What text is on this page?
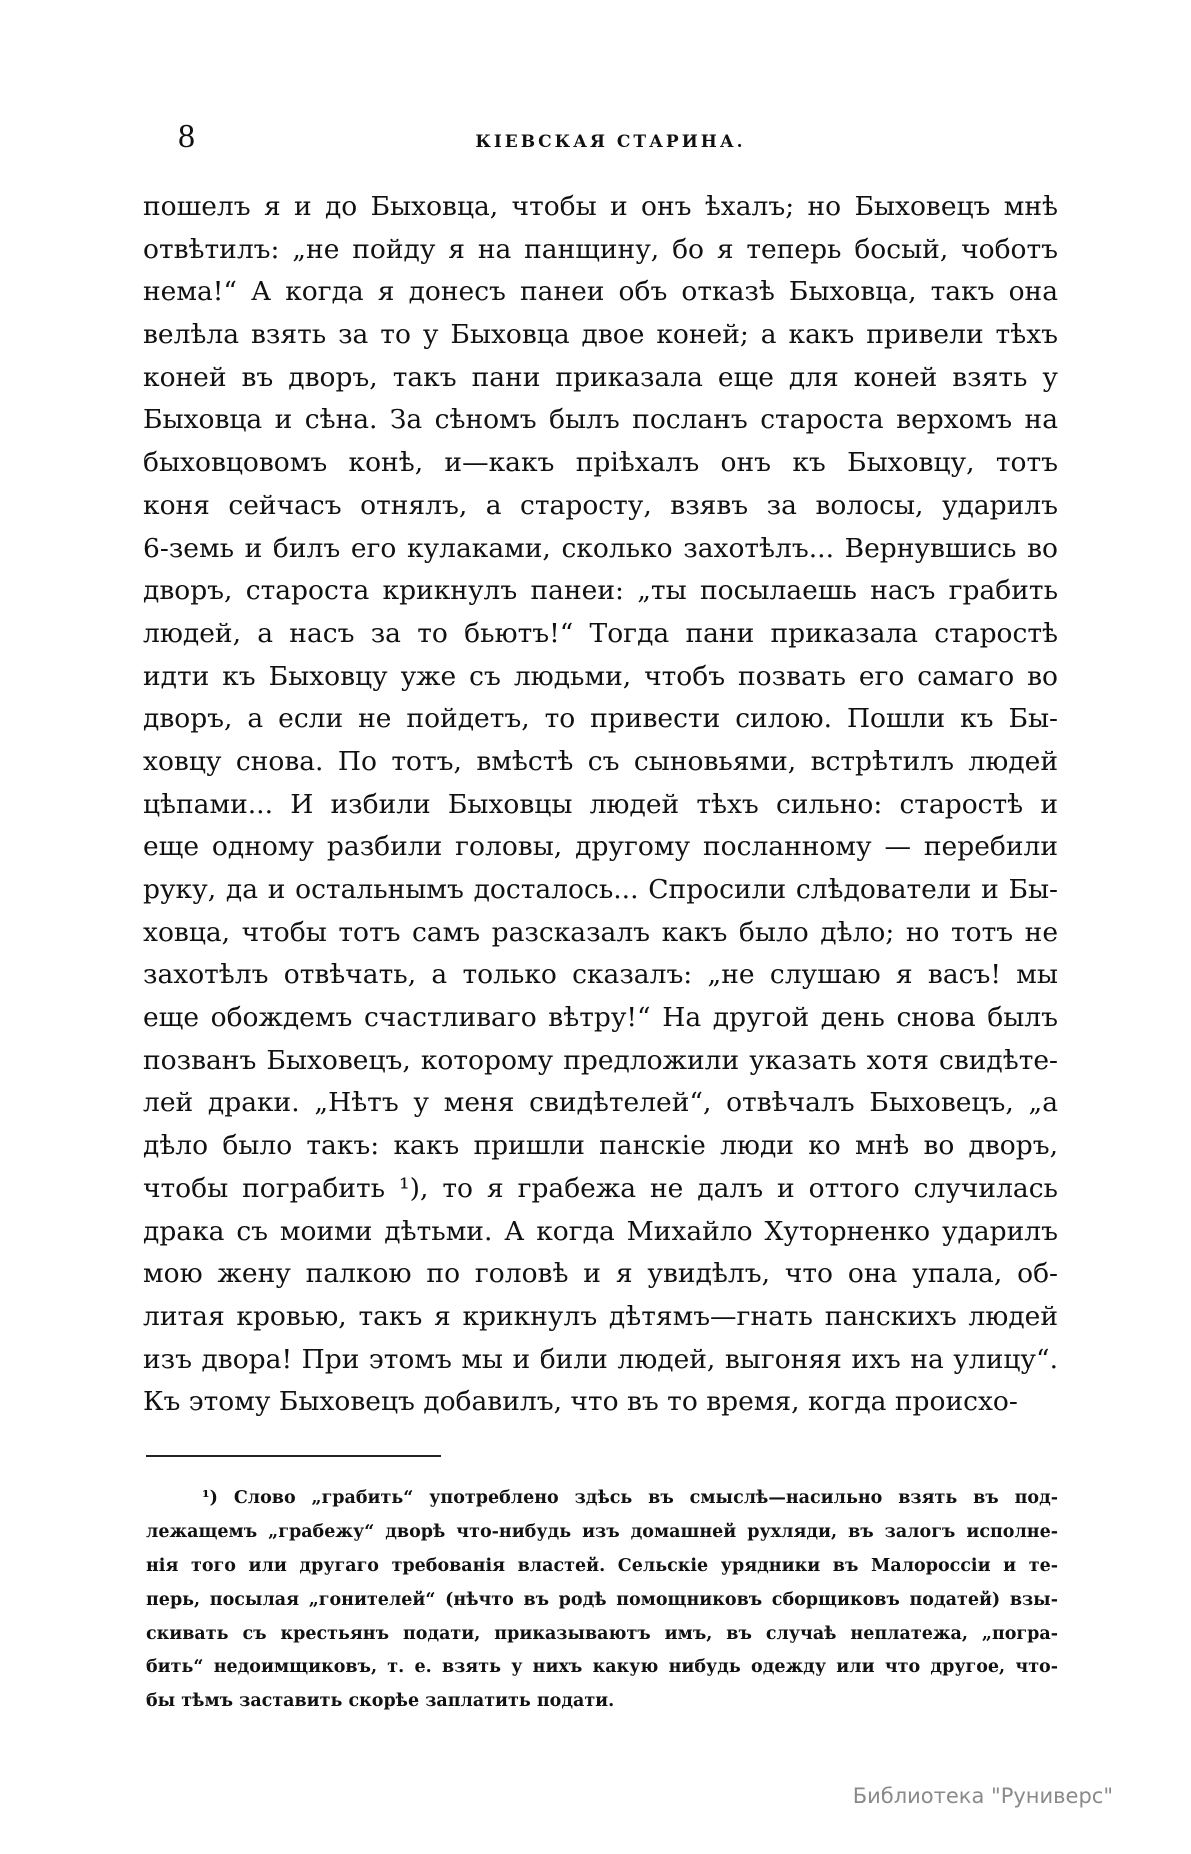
8	КІЕВСКАЯ СТАРИНА.
пошелъ я и до Быховца, чтобы и онъ ѣхалъ; но Быховецъ мнѣ
отвѣтилъ: „не пойду я на панщину, бо я теперь босый, чоботъ
нема!“ А когда я донесъ панеи объ отказѣ Быховца, такъ она
велѣла взять за то у Быховца двое коней; а какъ привели тѣхъ
коней въ дворъ, такъ пани приказала еще для коней взять у
Быховца и сѣна. За сѣномъ былъ посланъ староста верхомъ на
быховцовомъ конѣ, и—какъ пріѣхалъ онъ къ Быховцу, тотъ
коня сейчасъ отнялъ, а старосту, взявъ за волосы, ударилъ
6-земь и билъ его кулаками, сколько захотѣлъ... Вернувшись во
дворъ, староста крикнулъ панеи: „ты посылаешь насъ грабить
людей, а насъ за то бьютъ!“ Тогда пани приказала старостѣ
идти къ Быховцу уже съ людьми, чтобъ позвать его самаго во
дворъ, а если не пойдетъ, то привести силою. Пошли къ Бы-
ховцу снова. По тотъ, вмѣстѣ съ сыновьями, встрѣтилъ людей
цѣпами... И избили Быховцы людей тѣхъ сильно: старостѣ и
еще одному разбили головы, другому посланному — перебили
руку, да и остальнымъ досталось... Спросили слѣдователи и Бы-
ховца, чтобы тотъ самъ разсказалъ какъ было дѣло; но тотъ не
захотѣлъ отвѣчать, а только сказалъ: „не слушаю я васъ! мы
еще обождемъ счастливаго вѣтру!“ На другой день снова былъ
позванъ Быховецъ, которому предложили указать хотя свидѣте-
лей драки. „Нѣтъ у меня свидѣтелей“, отвѣчалъ Быховецъ, „а
дѣло было такъ: какъ пришли панскіе люди ко мнѣ во дворъ,
чтобы пограбить ¹), то я грабежа не далъ и оттого случилась
драка съ моими дѣтьми. А когда Михайло Хуторненко ударилъ
мою жену палкою по головѣ и я увидѣлъ, что она упала, об-
литая кровью, такъ я крикнулъ дѣтямъ—гнать панскихъ людей
изъ двора! При этомъ мы и били людей, выгоняя ихъ на улицу“.
Къ этому Быховецъ добавилъ, что въ то время, когда происхо-
¹) Слово „грабить“ употреблено здѣсь въ смыслѣ—насильно взять въ под-
лежащемъ „грабежу“ дворѣ что-нибудь изъ домашней рухляди, въ залогъ исполне-
нія того или другаго требованія властей. Сельскіе урядники въ Малороссіи и те-
перь, посылая „гонителей“ (нѣчто въ родѣ помощниковъ сборщиковъ податей) взы-
скивать съ крестьянъ подати, приказываютъ имъ, въ случаѣ неплатежа, „погра-
бить“ недоимщиковъ, т. е. взять у нихъ какую нибудь одежду или что другое, что-
бы тѣмъ заставить скорѣе заплатить подати.
Библиотека "Руниверс"
